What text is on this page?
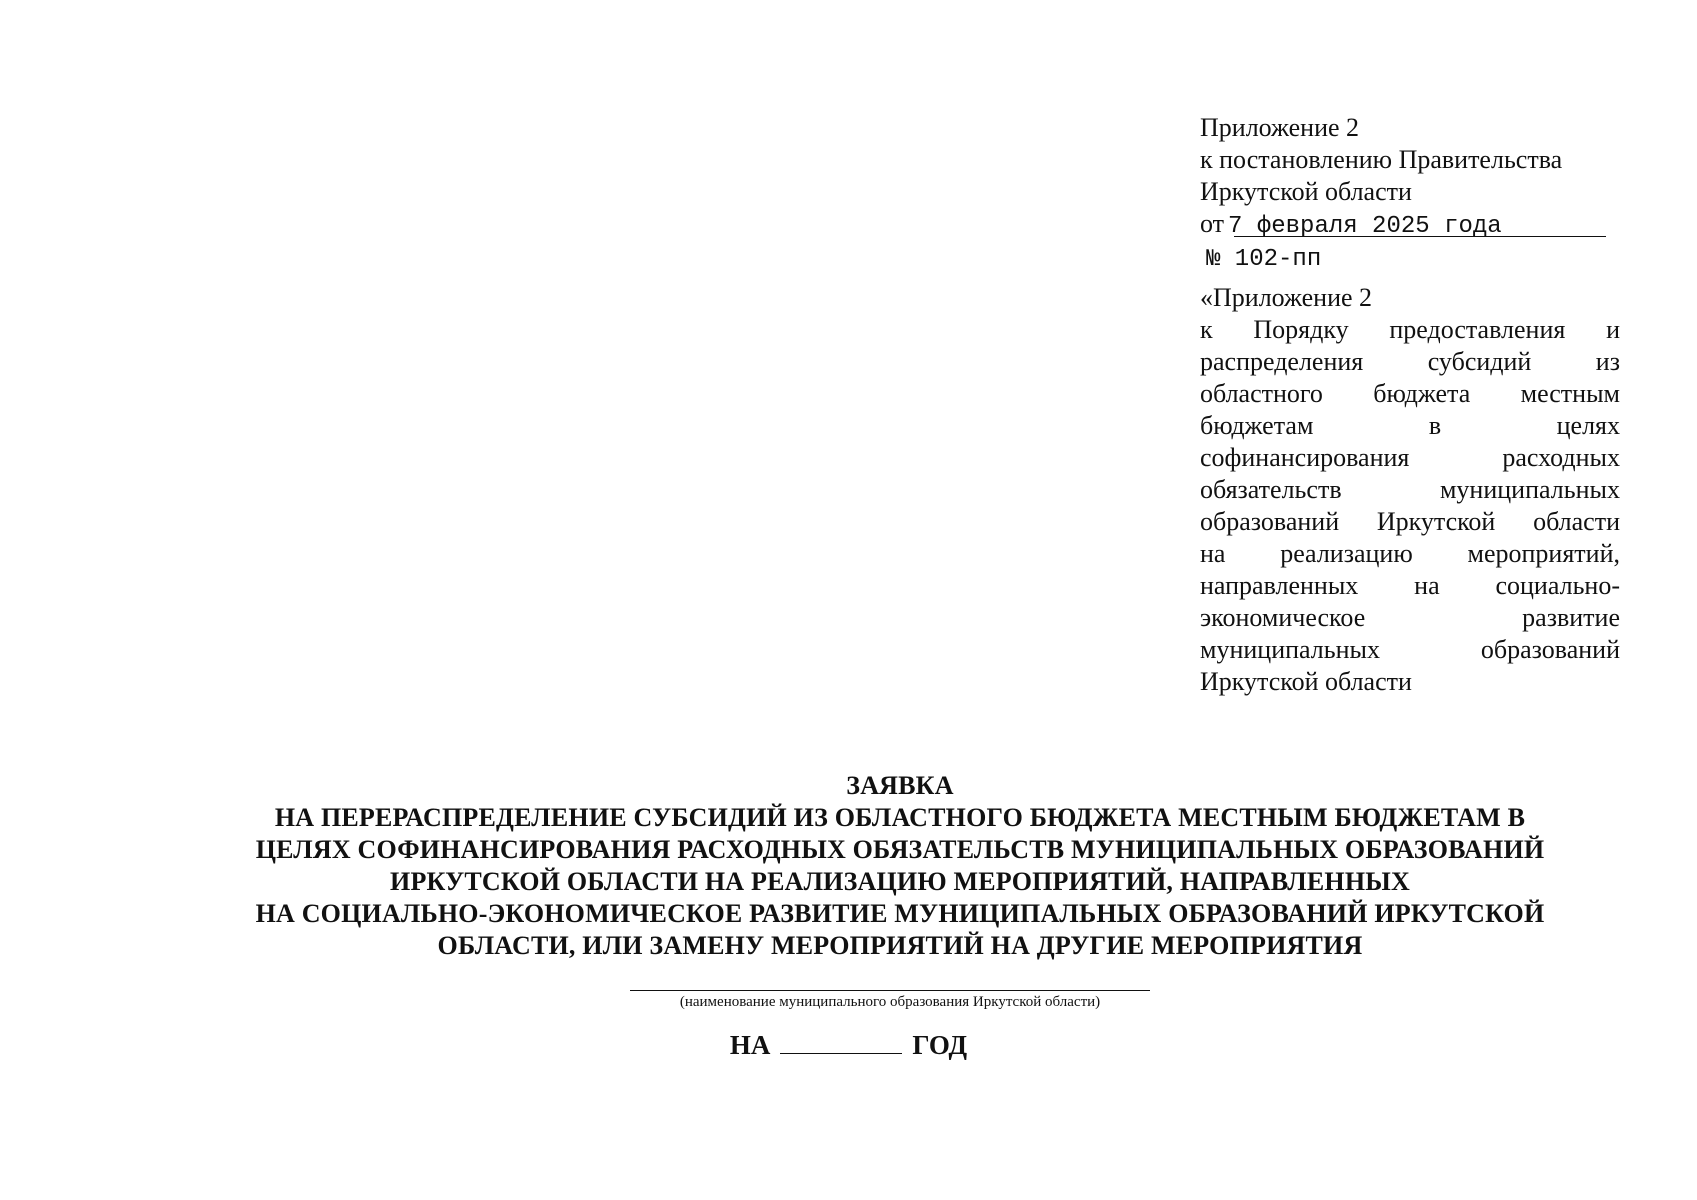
Приложение 2
к постановлению Правительства
Иркутской области
от 7 февраля 2025 года
№ 102-пп
«Приложение 2
к Порядку предоставления и
распределения субсидий из
областного бюджета местным
бюджетам в целях
софинансирования расходных
обязательств муниципальных
образований Иркутской области
на реализацию мероприятий,
направленных на социально-
экономическое развитие
муниципальных образований
Иркутской области
ЗАЯВКА
НА ПЕРЕРАСПРЕДЕЛЕНИЕ СУБСИДИЙ ИЗ ОБЛАСТНОГО БЮДЖЕТА МЕСТНЫМ БЮДЖЕТАМ В
ЦЕЛЯХ СОФИНАНСИРОВАНИЯ РАСХОДНЫХ ОБЯЗАТЕЛЬСТВ МУНИЦИПАЛЬНЫХ ОБРАЗОВАНИЙ
ИРКУТСКОЙ ОБЛАСТИ НА РЕАЛИЗАЦИЮ МЕРОПРИЯТИЙ, НАПРАВЛЕННЫХ
НА СОЦИАЛЬНО-ЭКОНОМИЧЕСКОЕ РАЗВИТИЕ МУНИЦИПАЛЬНЫХ ОБРАЗОВАНИЙ ИРКУТСКОЙ
ОБЛАСТИ, ИЛИ ЗАМЕНУ МЕРОПРИЯТИЙ НА ДРУГИЕ МЕРОПРИЯТИЯ
(наименование муниципального образования Иркутской области)
НА	ГОД
